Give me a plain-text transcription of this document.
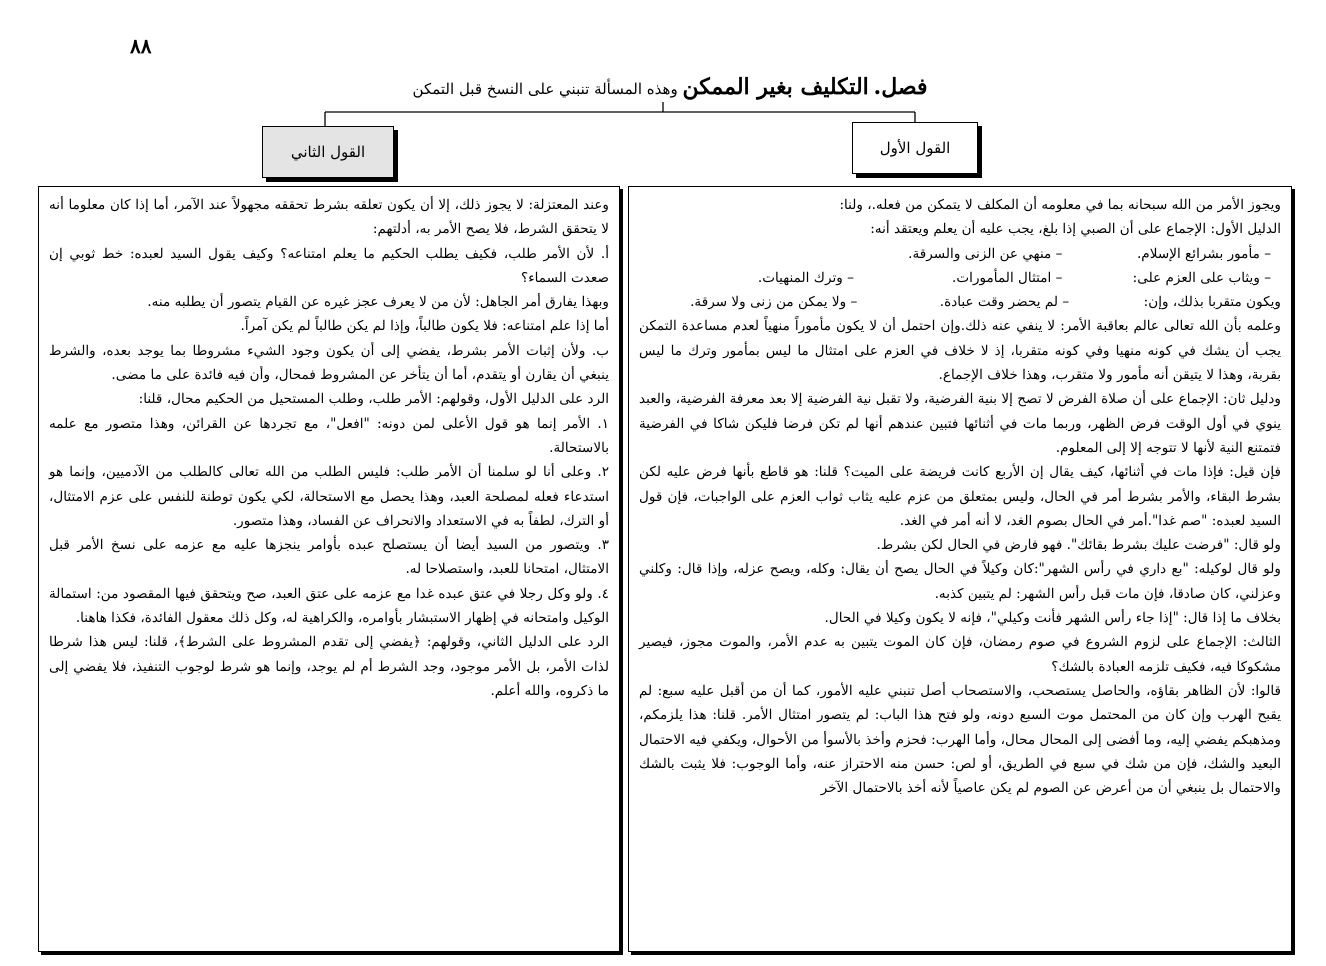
٨٨
فصل. التكليف بغير الممكن وهذه المسألة تنبني على النسخ قبل التمكن
القول الأول
القول الثاني

ويجوز الأمر من الله سبحانه بما في معلومه أن المكلف لا يتمكن من فعله.، ولنا:

الدليل الأول: الإجماع على أن الصبي إذا بلغ، يجب عليه أن يعلم ويعتقد أنه:

– مأمور بشرائع الإسلام.
– منهي عن الزنى والسرقة.
– ويثاب على العزم على:
– امتثال المأمورات.
– وترك المنهيات.
ويكون متقربا بذلك، وإن:
– لم يحضر وقت عبادة.
– ولا يمكن من زنى ولا سرقة.

وعلمه بأن الله تعالى عالم بعاقبة الأمر: لا ينفي عنه ذلك.وإن احتمل أن لا يكون مأموراً منهياً لعدم مساعدة التمكن يجب أن يشك في كونه منهيا وفي كونه متقربا، إذ لا خلاف في العزم على امتثال ما ليس بمأمور وترك ما ليس بقربة، وهذا لا يتيقن أنه مأمور ولا متقرب، وهذا خلاف الإجماع.

ودليل ثان: الإجماع على أن صلاة الفرض لا تصح إلا بنية الفرضية، ولا تقبل نية الفرضية إلا بعد معرفة الفرضية، والعبد ينوي في أول الوقت فرض الظهر، وربما مات في أثنائها فتبين عندهم أنها لم تكن فرضا فليكن شاكا في الفرضية فتمتنع النية لأنها لا تتوجه إلا إلى المعلوم.

فإن قيل: فإذا مات في أثنائها، كيف يقال إن الأربع كانت فريضة على الميت؟ قلنا: هو قاطع بأنها فرض عليه لكن بشرط البقاء، والأمر بشرط أمر في الحال، وليس بمتعلق من عزم عليه يثاب ثواب العزم على الواجبات، فإن قول السيد لعبده: "صم غدا".أمر في الحال بصوم الغد، لا أنه أمر في الغد.

ولو قال: "فرضت عليك بشرط بقائك". فهو فارض في الحال لكن بشرط.

ولو قال لوكيله: "بع داري في رأس الشهر":كان وكيلاً في الحال يصح أن يقال: وكله، ويصح عزله، وإذا قال: وكلني وعزلني، كان صادقا، فإن مات قبل رأس الشهر: لم يتبين كذبه.

بخلاف ما إذا قال: "إذا جاء رأس الشهر فأنت وكيلي"، فإنه لا يكون وكيلا في الحال.

الثالث: الإجماع على لزوم الشروع في صوم رمضان، فإن كان الموت يتبين به عدم الأمر، والموت مجوز، فيصير مشكوكا فيه، فكيف تلزمه العبادة بالشك؟

قالوا: لأن الظاهر بقاؤه، والحاصل يستصحب، والاستصحاب أصل تنبني عليه الأمور، كما أن من أقبل عليه سبع: لم يقبح الهرب وإن كان من المحتمل موت السبع دونه، ولو فتح هذا الباب: لم يتصور امتثال الأمر. قلنا: هذا يلزمكم، ومذهبكم يفضي إليه، وما أفضى إلى المحال محال، وأما الهرب: فحزم وأخذ بالأسوأ من الأحوال، ويكفي فيه الاحتمال البعيد والشك، فإن من شك في سبع في الطريق، أو لص: حسن منه الاحتراز عنه، وأما الوجوب: فلا يثبت بالشك والاحتمال بل ينبغي أن من أعرض عن الصوم لم يكن عاصياً لأنه أخذ بالاحتمال الآخر

وعند المعتزلة: لا يجوز ذلك، إلا أن يكون تعلقه بشرط تحققه مجهولاً عند الآمر، أما إذا كان معلوما أنه لا يتحقق الشرط، فلا يصح الأمر به، أدلتهم:

أ. لأن الأمر طلب، فكيف يطلب الحكيم ما يعلم امتناعه؟ وكيف يقول السيد لعبده: خط ثوبي إن صعدت السماء؟

وبهذا يفارق أمر الجاهل: لأن من لا يعرف عجز غيره عن القيام يتصور أن يطلبه منه.

أما إذا علم امتناعه: فلا يكون طالباً، وإذا لم يكن طالباً لم يكن آمراً.

ب. ولأن إثبات الأمر بشرط، يفضي إلى أن يكون وجود الشيء مشروطا بما يوجد بعده، والشرط ينبغي أن يقارن أو يتقدم، أما أن يتأخر عن المشروط فمحال، وأن فيه فائدة على ما مضى.

الرد على الدليل الأول، وقولهم: الأمر طلب، وطلب المستحيل من الحكيم محال، قلنا:

١. الأمر إنما هو قول الأعلى لمن دونه: "افعل"، مع تجردها عن القرائن، وهذا متصور مع علمه بالاستحالة.

٢. وعلى أنا لو سلمنا أن الأمر طلب: فليس الطلب من الله تعالى كالطلب من الآدميين، وإنما هو استدعاء فعله لمصلحة العبد، وهذا يحصل مع الاستحالة، لكي يكون توطنة للنفس على عزم الامتثال، أو الترك، لطفاً به في الاستعداد والانحراف عن الفساد، وهذا متصور.

٣. ويتصور من السيد أيضا أن يستصلح عبده بأوامر ينجزها عليه مع عزمه على نسخ الأمر قبل الامتثال، امتحانا للعبد، واستصلاحا له.

٤. ولو وكل رجلا في عتق عبده غدا مع عزمه على عتق العبد، صح ويتحقق فيها المقصود من: استمالة الوكيل وامتحانه في إظهار الاستبشار بأوامره، والكراهية له، وكل ذلك معقول الفائدة، فكذا هاهنا.

الرد على الدليل الثاني، وقولهم: ﴿يفضي إلى تقدم المشروط على الشرط﴾، قلنا: ليس هذا شرطا لذات الأمر، بل الأمر موجود، وجد الشرط أم لم يوجد، وإنما هو شرط لوجوب التنفيذ، فلا يفضي إلى ما ذكروه، والله أعلم.
